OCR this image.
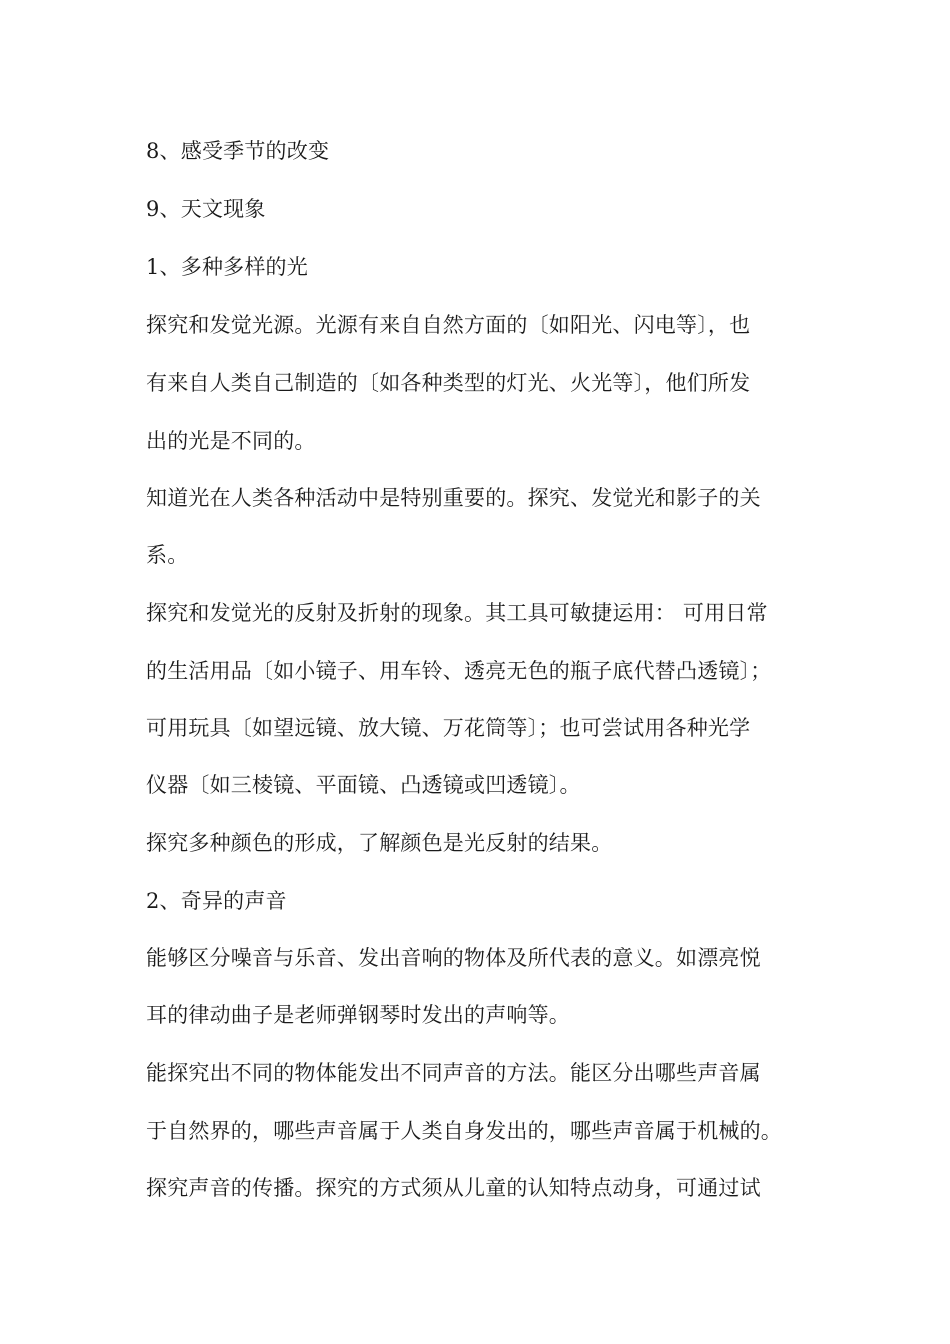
8、感受季节的改变
9、天文现象
1、多种多样的光
探究和发觉光源。光源有来自自然方面的〔如阳光、闪电等〕，也
有来自人类自己制造的〔如各种类型的灯光、火光等〕，他们所发
出的光是不同的。
知道光在人类各种活动中是特别重要的。探究、发觉光和影子的关
系。
探究和发觉光的反射及折射的现象。其工具可敏捷运用： 可用日常
的生活用品〔如小镜子、用车铃、透亮无色的瓶子底代替凸透镜〕；
可用玩具〔如望远镜、放大镜、万花筒等〕；也可尝试用各种光学
仪器〔如三棱镜、平面镜、凸透镜或凹透镜〕。
探究多种颜色的形成，了解颜色是光反射的结果。
2、奇异的声音
能够区分噪音与乐音、发出音响的物体及所代表的意义。如漂亮悦
耳的律动曲子是老师弹钢琴时发出的声响等。
能探究出不同的物体能发出不同声音的方法。能区分出哪些声音属
于自然界的，哪些声音属于人类自身发出的，哪些声音属于机械的。
探究声音的传播。探究的方式须从儿童的认知特点动身，可通过试
